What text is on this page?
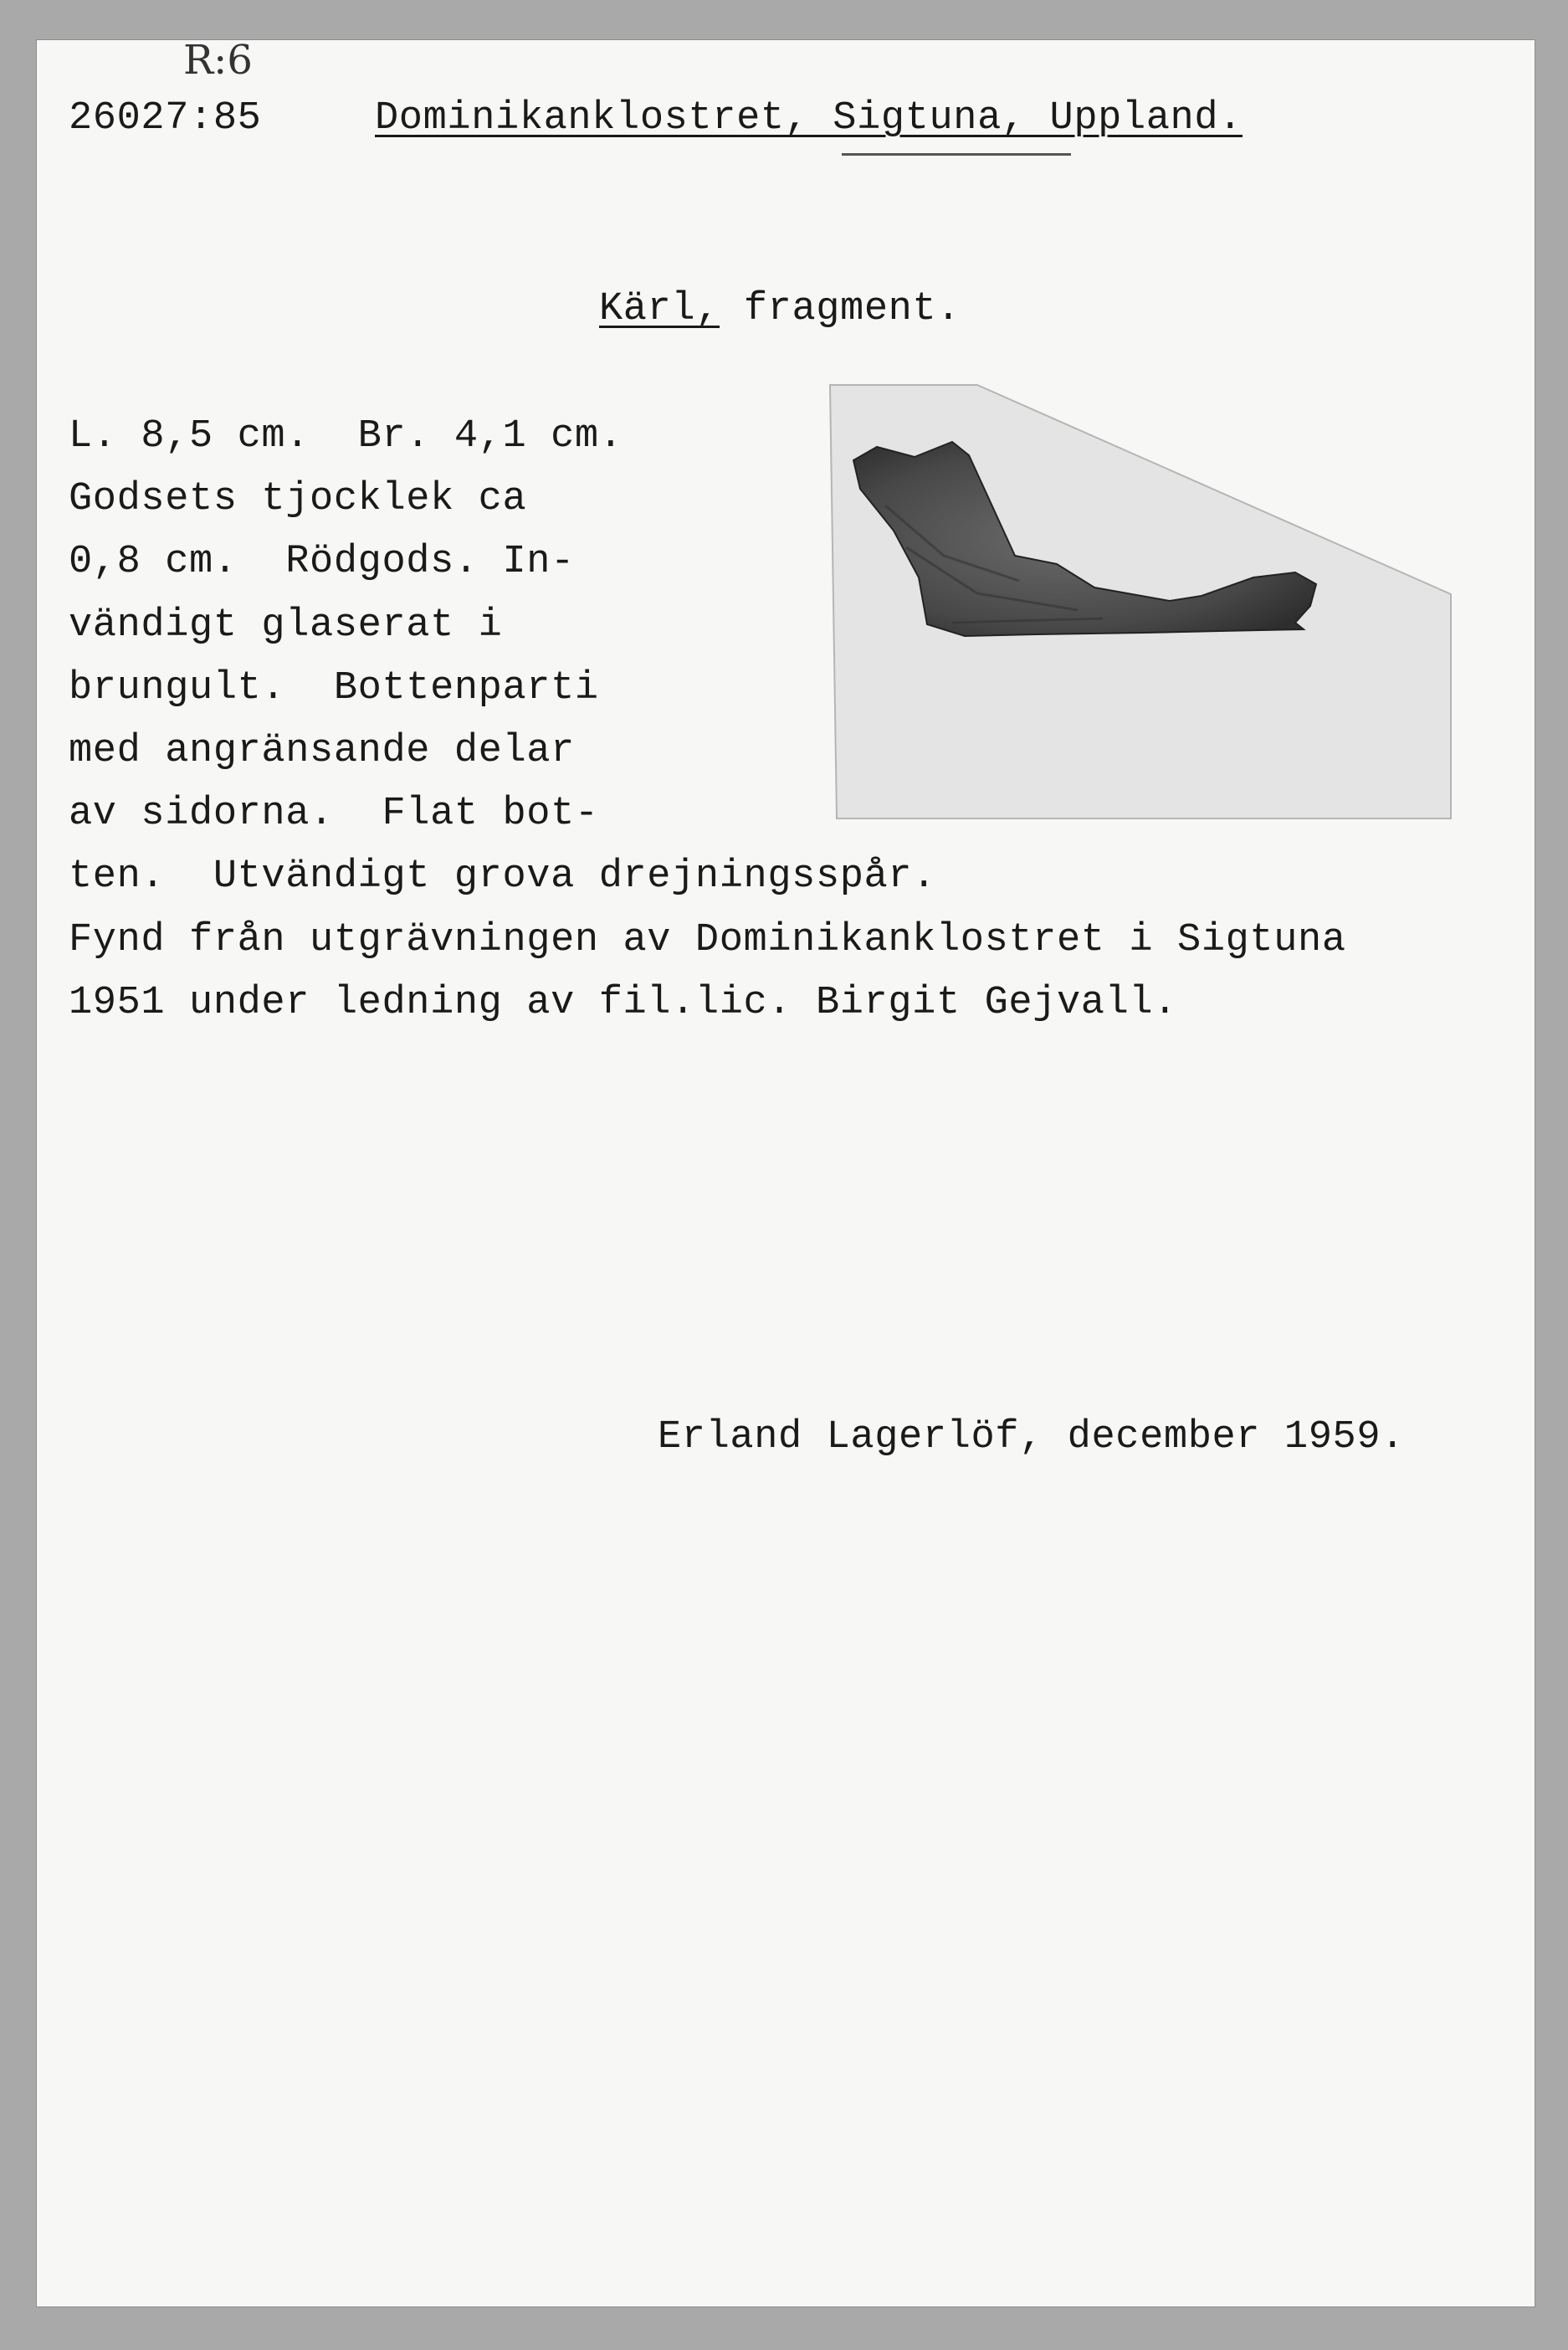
R:6
26027:85	Dominikanklostret, Sigtuna, Uppland.
Kärl, fragment.
L. 8,5 cm.  Br. 4,1 cm.
Godsets tjocklek ca
0,8 cm.  Rödgods. In-
vändigt glaserat i
brungult.  Bottenparti
med angränsande delar
av sidorna.  Flat bot-
ten.  Utvändigt grova drejningsspår.
Fynd från utgrävningen av Dominikanklostret i Sigtuna
1951 under ledning av fil.lic. Birgit Gejvall.
Erland Lagerlöf, december 1959.
